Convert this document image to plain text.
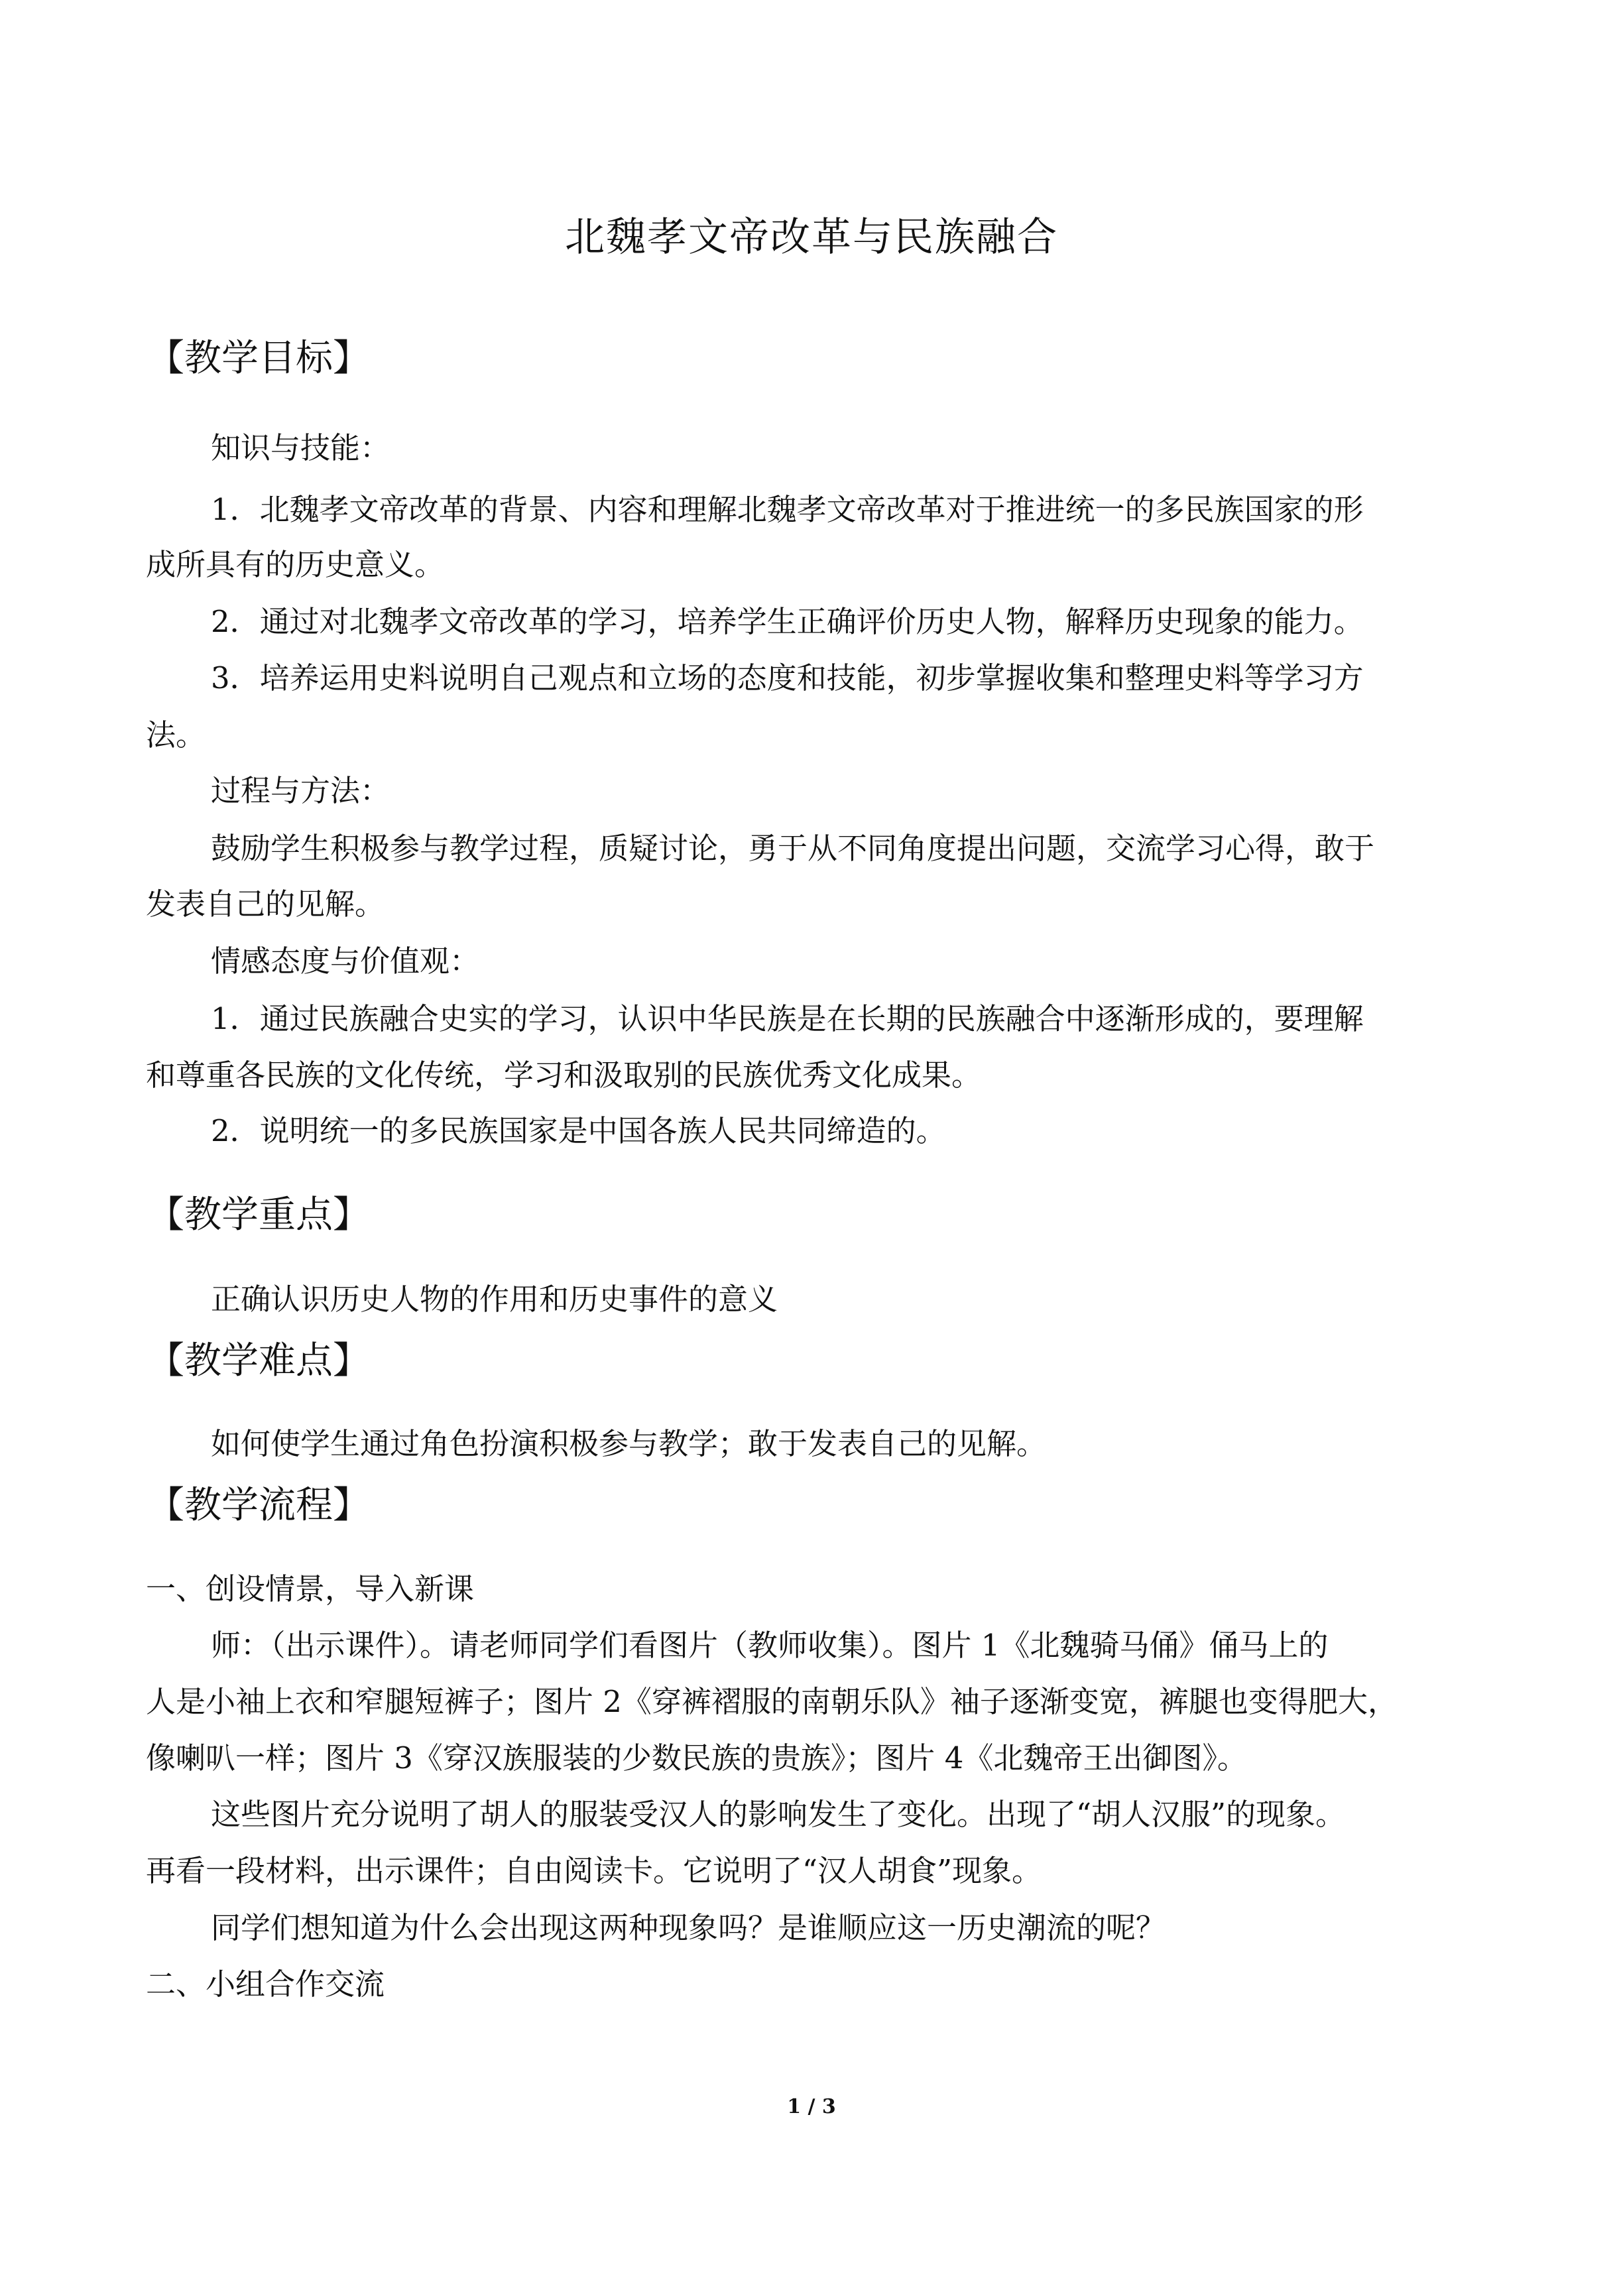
北魏孝文帝改革与民族融合
【教学目标】
知识与技能：
1．北魏孝文帝改革的背景、内容和理解北魏孝文帝改革对于推进统一的多民族国家的形
成所具有的历史意义。
2．通过对北魏孝文帝改革的学习，培养学生正确评价历史人物，解释历史现象的能力。
3．培养运用史料说明自己观点和立场的态度和技能，初步掌握收集和整理史料等学习方
法。
过程与方法：
鼓励学生积极参与教学过程，质疑讨论，勇于从不同角度提出问题，交流学习心得，敢于
发表自己的见解。
情感态度与价值观：
1．通过民族融合史实的学习，认识中华民族是在长期的民族融合中逐渐形成的，要理解
和尊重各民族的文化传统，学习和汲取别的民族优秀文化成果。
2．说明统一的多民族国家是中国各族人民共同缔造的。
【教学重点】
正确认识历史人物的作用和历史事件的意义
【教学难点】
如何使学生通过角色扮演积极参与教学；敢于发表自己的见解。
【教学流程】
一、创设情景，导入新课
师：（出示课件）。请老师同学们看图片（教师收集）。图片 1《北魏骑马俑》俑马上的
人是小袖上衣和窄腿短裤子；图片 2《穿裤褶服的南朝乐队》袖子逐渐变宽，裤腿也变得肥大，
像喇叭一样；图片 3《穿汉族服装的少数民族的贵族》；图片 4《北魏帝王出御图》。
这些图片充分说明了胡人的服装受汉人的影响发生了变化。出现了“胡人汉服”的现象。
再看一段材料，出示课件；自由阅读卡。它说明了“汉人胡食”现象。
同学们想知道为什么会出现这两种现象吗？是谁顺应这一历史潮流的呢？
二、小组合作交流
1 / 3
